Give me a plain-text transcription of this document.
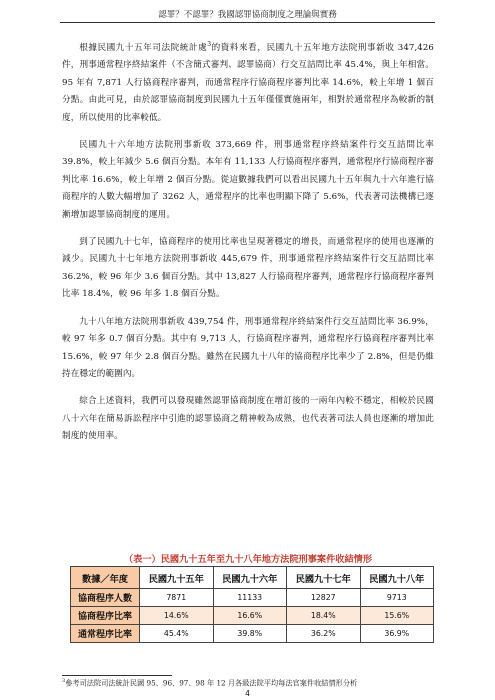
認罪？不認罪？我國認罪協商制度之理論與實務

根據民國九十五年司法院統計處$^3$的資料來看，民國九十五年地方法院刑事新收 347,426 件，刑事通常程序終結案件（不含簡式審判、認罪協商）行交互詰問比率 45.4%，與上年相當。95 年有 7,871 人行協商程序審判，而通常程序行協商程序審判比率 14.6%，較上年增 1 個百分點。由此可見，由於認罪協商制度到民國九十五年僅僅實施兩年，相對於通常程序為較新的制度，所以使用的比率較低。

民國九十六年地方法院刑事新收 373,669 件，刑事通常程序終結案件行交互詰問比率 39.8%，較上年減少 5.6 個百分點。本年有 11,133 人行協商程序審判，通常程序行協商程序審判比率 16.6%，較上年增 2 個百分點。從這數據我們可以看出民國九十五年與九十六年進行協商程序的人數大幅增加了 3262 人，通常程序的比率也明顯下降了 5.6%，代表著司法機構已逐漸增加認罪協商制度的運用。

到了民國九十七年，協商程序的使用比率也呈現著穩定的增長，而通常程序的使用也逐漸的減少。民國九十七年地方法院刑事新收 445,679 件，刑事通常程序終結案件行交互詰問比率 36.2%，較 96 年少 3.6 個百分點。其中 13,827 人行協商程序審判，通常程序行協商程序審判比率 18.4%，較 96 年多 1.8 個百分點。

九十八年地方法院刑事新收 439,754 件，刑事通常程序終結案件行交互詰問比率 36.9%，較 97 年多 0.7 個百分點。其中有 9,713 人，行協商程序審判，通常程序行協商程序審判比率 15.6%，較 97 年少 2.8 個百分點。雖然在民國九十八年的協商程序比率少了 2.8%，但是仍維持在穩定的範圍內。

綜合上述資料，我們可以發現雖然認罪協商制度在增訂後的一兩年內較不穩定，相較於民國八十六年在簡易訴訟程序中引進的認罪協商之精神較為成熟，也代表著司法人員也逐漸的增加此制度的使用率。

（表一）民國九十五年至九十八年地方法院刑事案件收結情形
數據／年度	民國九十五年	民國九十六年	民國九十七年	民國九十八年
協商程序人數	7871	11133	12827	9713
協商程序比率	14.6%	16.6%	18.4%	15.6%
通常程序比率	45.4%	39.8%	36.2%	36.9%
$^3$參考司法院司法統計民國 95、96、97、98 年 12 月各級法院平均每法官案件收結情形分析
4
